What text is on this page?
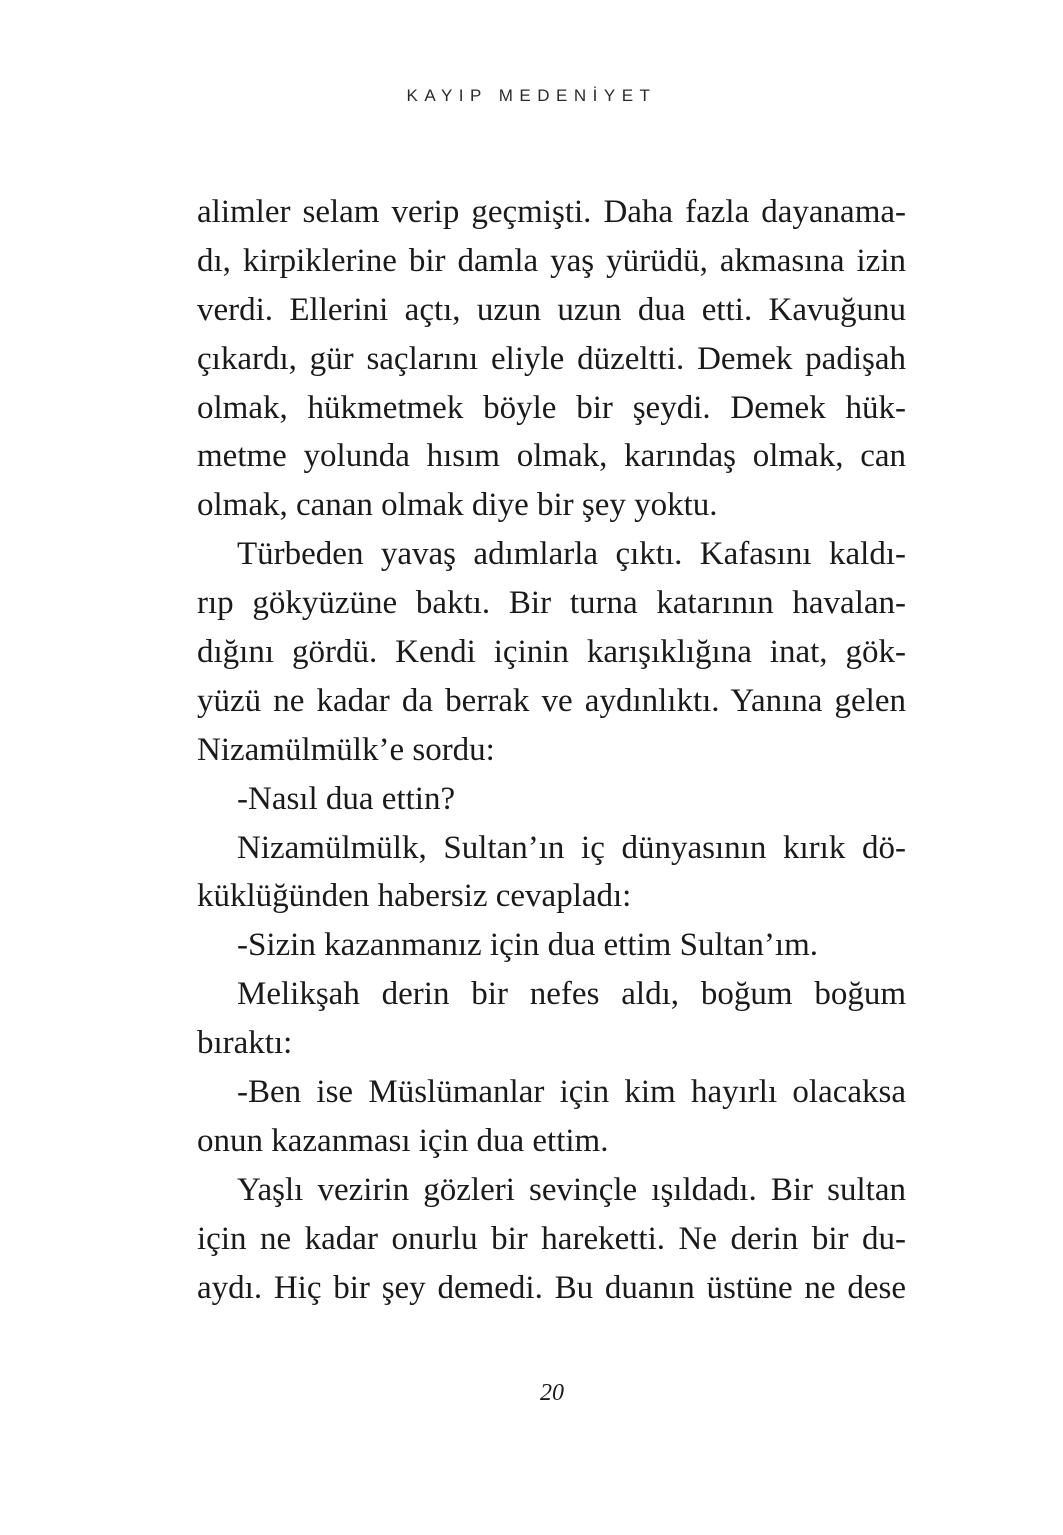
KAYIP MEDENİYET
alimler selam verip geçmişti. Daha fazla dayanama-
dı, kirpiklerine bir damla yaş yürüdü, akmasına izin
verdi. Ellerini açtı, uzun uzun dua etti. Kavuğunu
çıkardı, gür saçlarını eliyle düzeltti. Demek padişah
olmak, hükmetmek böyle bir şeydi. Demek hük-
metme yolunda hısım olmak, karındaş olmak, can
olmak, canan olmak diye bir şey yoktu.
Türbeden yavaş adımlarla çıktı. Kafasını kaldı-
rıp gökyüzüne baktı. Bir turna katarının havalan-
dığını gördü. Kendi içinin karışıklığına inat, gök-
yüzü ne kadar da berrak ve aydınlıktı. Yanına gelen
Nizamülmülk’e sordu:
-Nasıl dua ettin?
Nizamülmülk, Sultan’ın iç dünyasının kırık dö-
küklüğünden habersiz cevapladı:
-Sizin kazanmanız için dua ettim Sultan’ım.
Melikşah derin bir nefes aldı, boğum boğum
bıraktı:
-Ben ise Müslümanlar için kim hayırlı olacaksa
onun kazanması için dua ettim.
Yaşlı vezirin gözleri sevinçle ışıldadı. Bir sultan
için ne kadar onurlu bir hareketti. Ne derin bir du-
aydı. Hiç bir şey demedi. Bu duanın üstüne ne dese
20
